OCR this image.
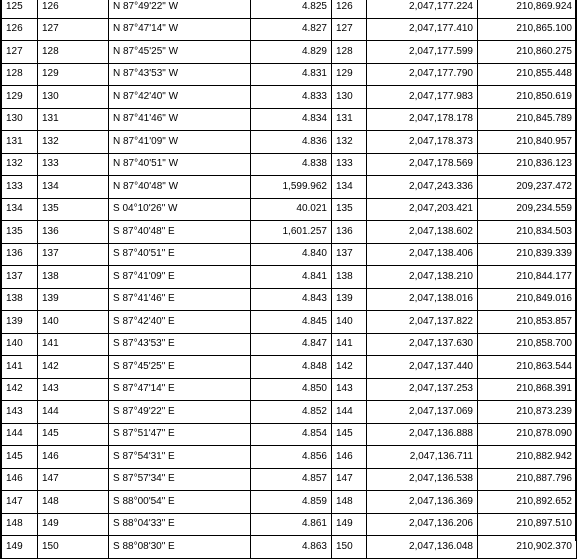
125	126	N 87°49'22" W	4.825	126	2,047,177.224	210,869.924
126	127	N 87°47'14" W	4.827	127	2,047,177.410	210,865.100
127	128	N 87°45'25" W	4.829	128	2,047,177.599	210,860.275
128	129	N 87°43'53" W	4.831	129	2,047,177.790	210,855.448
129	130	N 87°42'40" W	4.833	130	2,047,177.983	210,850.619
130	131	N 87°41'46" W	4.834	131	2,047,178.178	210,845.789
131	132	N 87°41'09" W	4.836	132	2,047,178.373	210,840.957
132	133	N 87°40'51" W	4.838	133	2,047,178.569	210,836.123
133	134	N 87°40'48" W	1,599.962	134	2,047,243.336	209,237.472
134	135	S 04°10'26" W	40.021	135	2,047,203.421	209,234.559
135	136	S 87°40'48" E	1,601.257	136	2,047,138.602	210,834.503
136	137	S 87°40'51" E	4.840	137	2,047,138.406	210,839.339
137	138	S 87°41'09" E	4.841	138	2,047,138.210	210,844.177
138	139	S 87°41'46" E	4.843	139	2,047,138.016	210,849.016
139	140	S 87°42'40" E	4.845	140	2,047,137.822	210,853.857
140	141	S 87°43'53" E	4.847	141	2,047,137.630	210,858.700
141	142	S 87°45'25" E	4.848	142	2,047,137.440	210,863.544
142	143	S 87°47'14" E	4.850	143	2,047,137.253	210,868.391
143	144	S 87°49'22" E	4.852	144	2,047,137.069	210,873.239
144	145	S 87°51'47" E	4.854	145	2,047,136.888	210,878.090
145	146	S 87°54'31" E	4.856	146	2,047,136.711	210,882.942
146	147	S 87°57'34" E	4.857	147	2,047,136.538	210,887.796
147	148	S 88°00'54" E	4.859	148	2,047,136.369	210,892.652
148	149	S 88°04'33" E	4.861	149	2,047,136.206	210,897.510
149	150	S 88°08'30" E	4.863	150	2,047,136.048	210,902.370
